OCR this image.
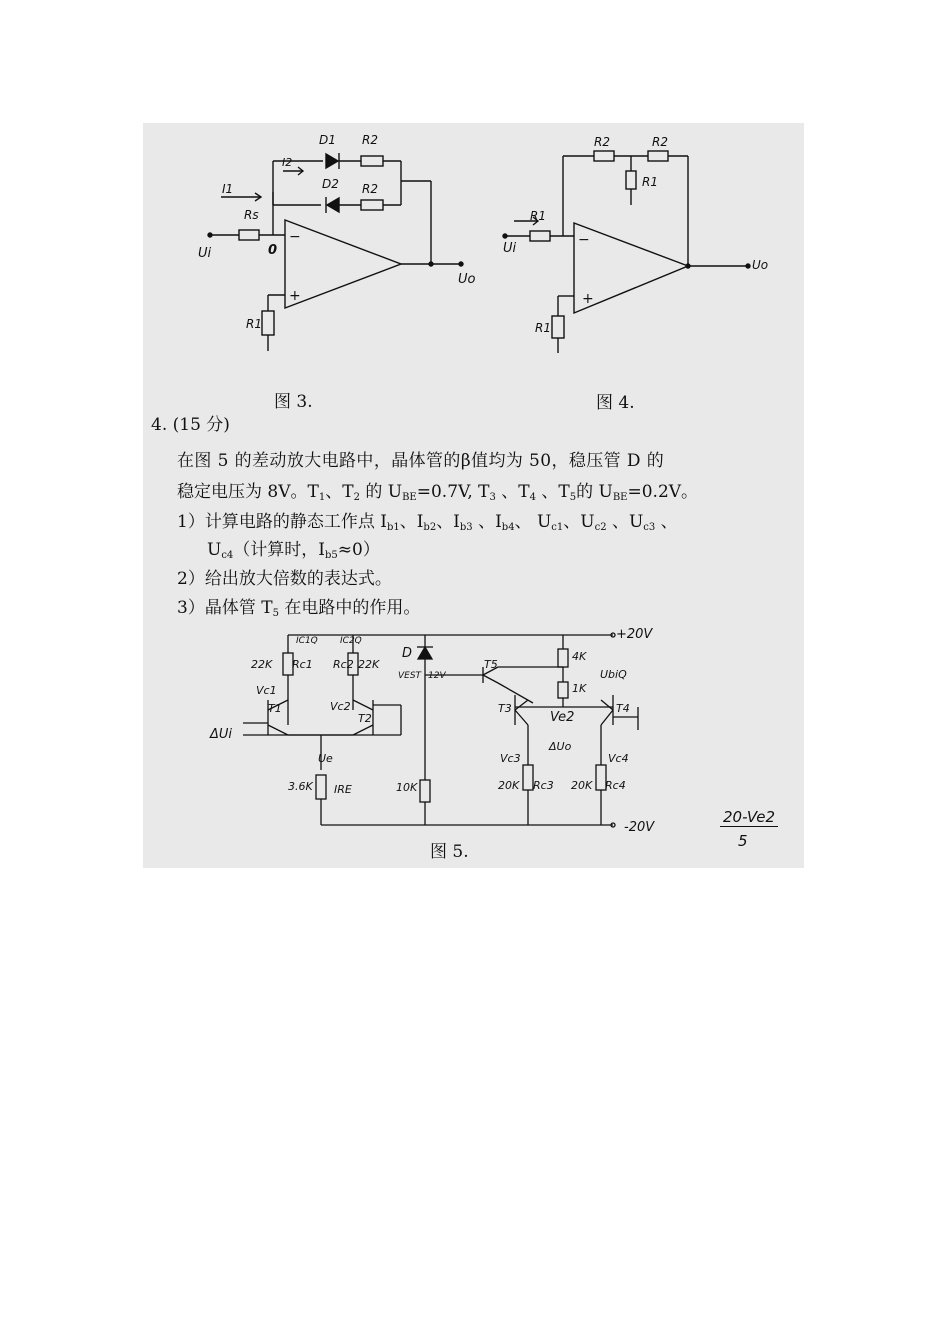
−
+
D1 R2
D2 R2
Rs
I1
I2
Ui	0
Uo
R1
图 3.
−
+
R2	R2
R1
R1
Ui
Uo
R1
图 4.
4. (15 分)
在图 5 的差动放大电路中，晶体管的β值均为 50，稳压管 D 的
稳定电压为 8V。$T_1$、$T_2$ 的 $U_{BE}=0.7V$, $T_3$ 、$T_4$ 、$T_5$的 $U_{BE}=0.2V$。
1）计算电路的静态工作点 $I_{b1}$、$I_{b2}$、$I_{b3}$ 、$I_{b4}$、 $U_{c1}$、$U_{c2}$ 、$U_{c3}$ 、
$U_{c4}$（计算时，$I_{b5}\approx 0$）
2）给出放大倍数的表达式。
3）晶体管 $T_5$ 在电路中的作用。
+20V
-20V
22K Rc1 Rc2 22K
IC1Q IC2Q
D
VEST 12V
T5
4K
1K
UbiQ
Vc1
T1	Vc2
T2
T3
Ve2
T4
ΔUi
Ue
ΔUo
Vc3	Vc4
3.6K IRE	10K	20K Rc3 20K Rc4
图 5.
20-Ve2
5
